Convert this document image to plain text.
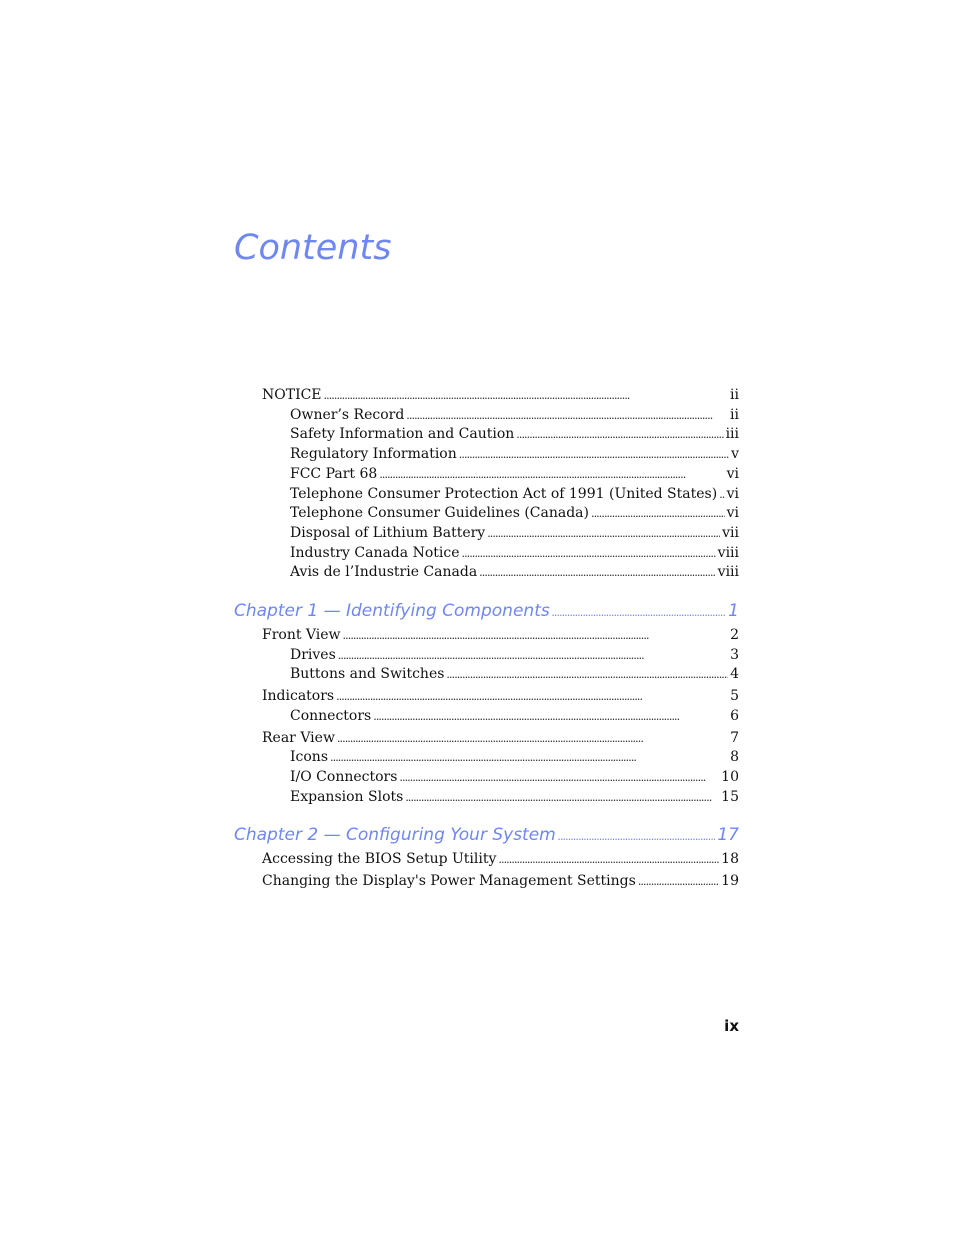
Contents
NOTICE . . .	ii
Owner’s Record . . .	ii
Safety Information and Caution . . .	iii
Regulatory Information . . .	v
FCC Part 68 . . .	vi
Telephone Consumer Protection Act of 1991 (United States) . . . vi
Telephone Consumer Guidelines (Canada) . . .	vi
Disposal of Lithium Battery . . .	vii
Industry Canada Notice . . .	viii
Avis de l’Industrie Canada . . .	viii
Chapter 1 — Identifying Components . . .	1
Front View . . .	2
Drives . . .	3
Buttons and Switches . . .	4
Indicators . . .	5
Connectors . . .	6
Rear View . . .	7
Icons . . .	8
I/O Connectors . . .	10
Expansion Slots . . .	15
Chapter 2 — Configuring Your System . . .	17
Accessing the BIOS Setup Utility . . .	18
Changing the Display's Power Management Settings . . .	19
ix
